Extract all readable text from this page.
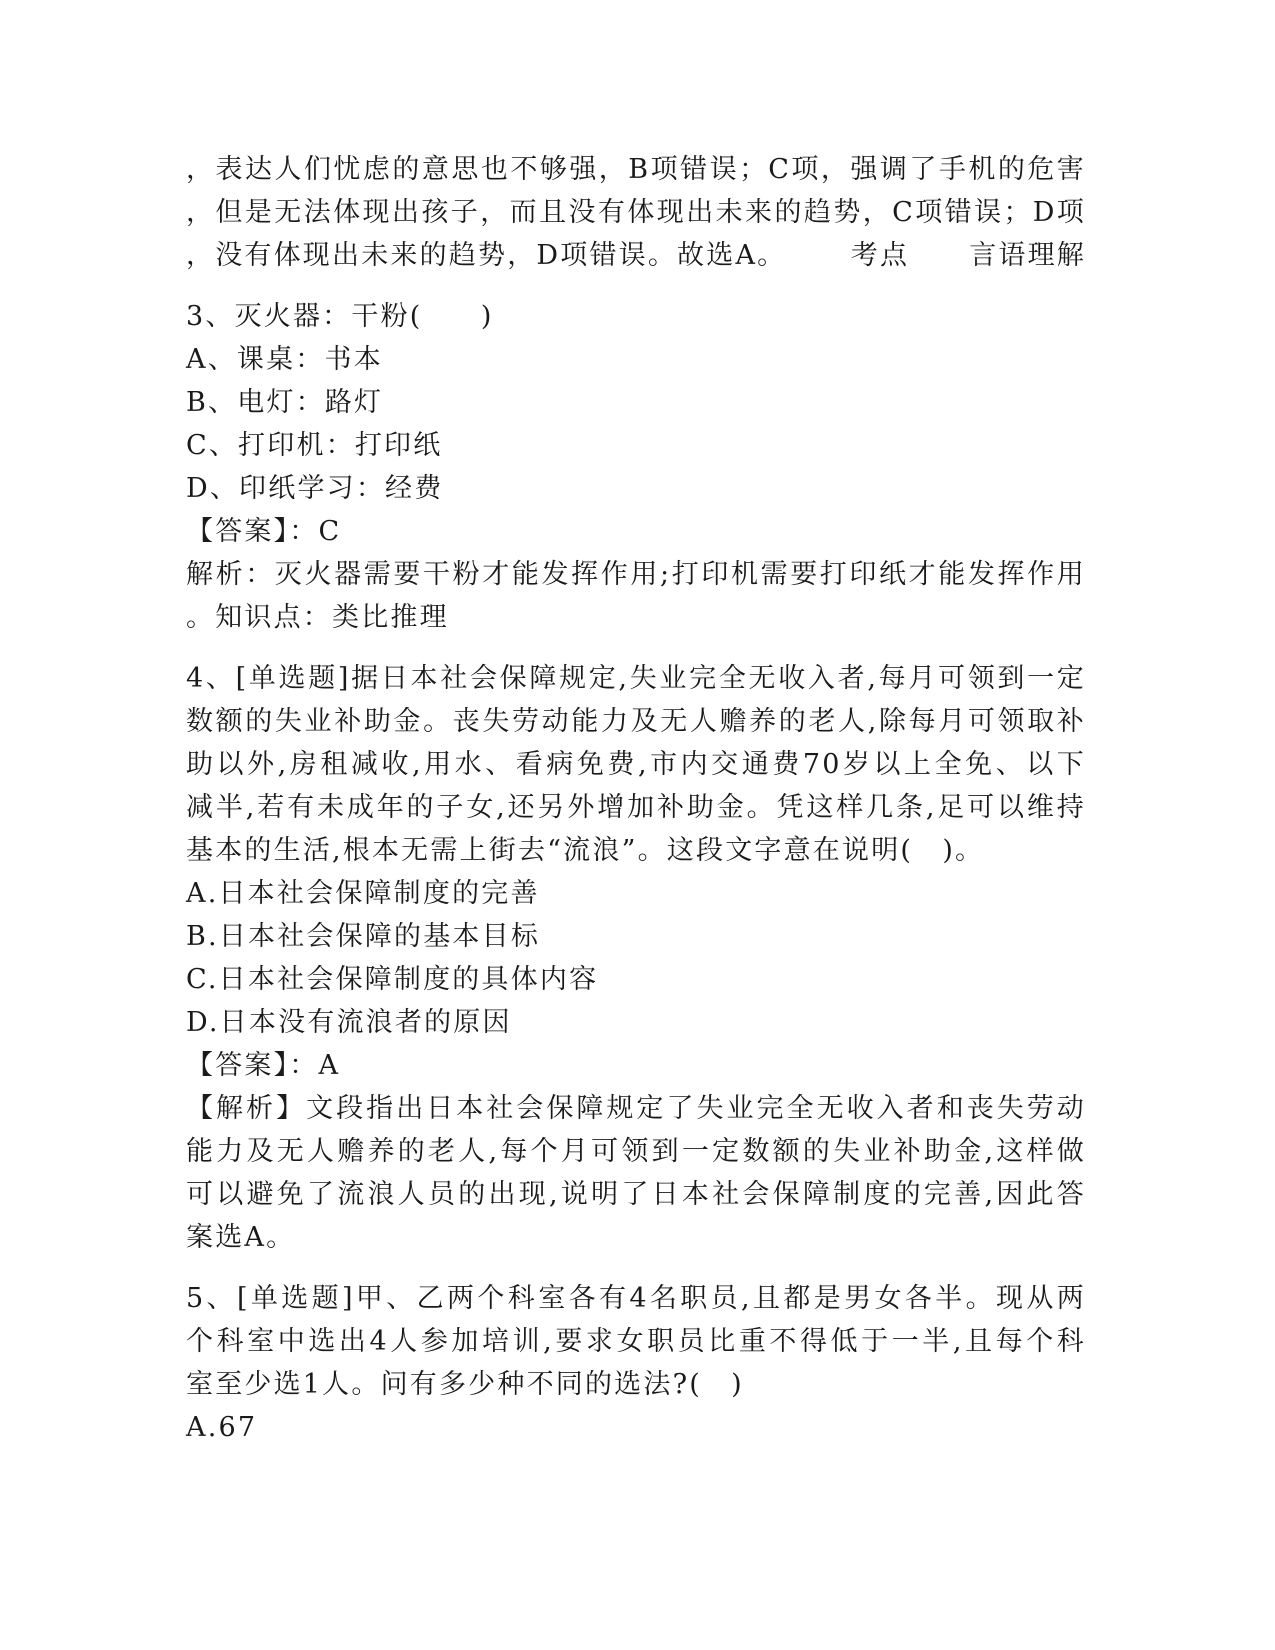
，表达人们忧虑的意思也不够强，B项错误；C项，强调了手机的危害
，但是无法体现出孩子，而且没有体现出未来的趋势，C项错误；D项
，没有体现出未来的趋势，D项错误。故选A。 考点 言语理解
3、灭火器：干粉(　　)
A、课桌：书本
B、电灯：路灯
C、打印机：打印纸
D、印纸学习：经费
【答案】：C
解析：灭火器需要干粉才能发挥作用;打印机需要打印纸才能发挥作用
。知识点：类比推理
4、[单选题]据日本社会保障规定,失业完全无收入者,每月可领到一定
数额的失业补助金。丧失劳动能力及无人赡养的老人,除每月可领取补
助以外,房租减收,用水、看病免费,市内交通费70岁以上全免、以下
减半,若有未成年的子女,还另外增加补助金。凭这样几条,足可以维持
基本的生活,根本无需上街去“流浪”。这段文字意在说明(　)。
A.日本社会保障制度的完善
B.日本社会保障的基本目标
C.日本社会保障制度的具体内容
D.日本没有流浪者的原因
【答案】：A
【解析】文段指出日本社会保障规定了失业完全无收入者和丧失劳动
能力及无人赡养的老人,每个月可领到一定数额的失业补助金,这样做
可以避免了流浪人员的出现,说明了日本社会保障制度的完善,因此答
案选A。
5、[单选题]甲、乙两个科室各有4名职员,且都是男女各半。现从两
个科室中选出4人参加培训,要求女职员比重不得低于一半,且每个科
室至少选1人。问有多少种不同的选法?(　)
A.67
